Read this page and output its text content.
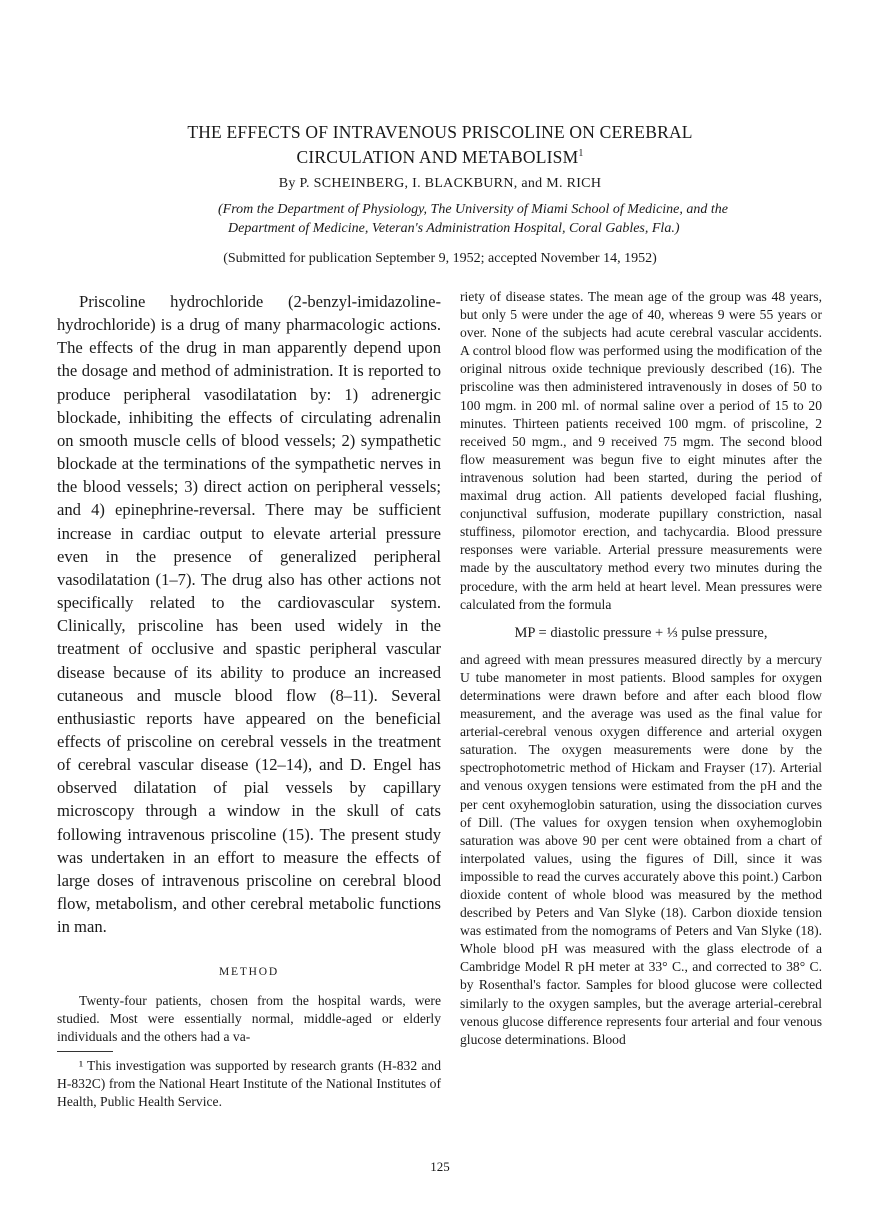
THE EFFECTS OF INTRAVENOUS PRISCOLINE ON CEREBRAL
CIRCULATION AND METABOLISM$^1$
By P. SCHEINBERG, I. BLACKBURN, and M. RICH
(From the Department of Physiology, The University of Miami School of Medicine, and the
Department of Medicine, Veteran's Administration Hospital, Coral Gables, Fla.)
(Submitted for publication September 9, 1952; accepted November 14, 1952)

Priscoline hydrochloride (2-benzyl-imidazoline-hydrochloride) is a drug of many pharmacologic actions. The effects of the drug in man apparently depend upon the dosage and method of administration. It is reported to produce peripheral vasodilatation by: 1) adrenergic blockade, inhibiting the effects of circulating adrenalin on smooth muscle cells of blood vessels; 2) sympathetic blockade at the terminations of the sympathetic nerves in the blood vessels; 3) direct action on peripheral vessels; and 4) epinephrine-reversal. There may be sufficient increase in cardiac output to elevate arterial pressure even in the presence of generalized peripheral vasodilatation (1–7). The drug also has other actions not specifically related to the cardiovascular system. Clinically, priscoline has been used widely in the treatment of occlusive and spastic peripheral vascular disease because of its ability to produce an increased cutaneous and muscle blood flow (8–11). Several enthusiastic reports have appeared on the beneficial effects of priscoline on cerebral vessels in the treatment of cerebral vascular disease (12–14), and D. Engel has observed dilatation of pial vessels by capillary microscopy through a window in the skull of cats following intravenous priscoline (15). The present study was undertaken in an effort to measure the effects of large doses of intravenous priscoline on cerebral blood flow, metabolism, and other cerebral metabolic functions in man.

METHOD
Twenty-four patients, chosen from the hospital wards, were studied. Most were essentially normal, middle-aged or elderly individuals and the others had a va-
¹ This investigation was supported by research grants (H-832 and H-832C) from the National Heart Institute of the National Institutes of Health, Public Health Service.

riety of disease states. The mean age of the group was 48 years, but only 5 were under the age of 40, whereas 9 were 55 years or over. None of the subjects had acute cerebral vascular accidents. A control blood flow was performed using the modification of the original nitrous oxide technique previously described (16). The priscoline was then administered intravenously in doses of 50 to 100 mgm. in 200 ml. of normal saline over a period of 15 to 20 minutes. Thirteen patients received 100 mgm. of priscoline, 2 received 50 mgm., and 9 received 75 mgm. The second blood flow measurement was begun five to eight minutes after the intravenous solution had been started, during the period of maximal drug action. All patients developed facial flushing, conjunctival suffusion, moderate pupillary constriction, nasal stuffiness, pilomotor erection, and tachycardia. Blood pressure responses were variable. Arterial pressure measurements were made by the auscultatory method every two minutes during the procedure, with the arm held at heart level. Mean pressures were calculated from the formula

MP = diastolic pressure + ⅓ pulse pressure,

and agreed with mean pressures measured directly by a mercury U tube manometer in most patients. Blood samples for oxygen determinations were drawn before and after each blood flow measurement, and the average was used as the final value for arterial-cerebral venous oxygen difference and arterial oxygen saturation. The oxygen measurements were done by the spectrophotometric method of Hickam and Frayser (17). Arterial and venous oxygen tensions were estimated from the pH and the per cent oxyhemoglobin saturation, using the dissociation curves of Dill. (The values for oxygen tension when oxyhemoglobin saturation was above 90 per cent were obtained from a chart of interpolated values, using the figures of Dill, since it was impossible to read the curves accurately above this point.) Carbon dioxide content of whole blood was measured by the method described by Peters and Van Slyke (18). Carbon dioxide tension was estimated from the nomograms of Peters and Van Slyke (18). Whole blood pH was measured with the glass electrode of a Cambridge Model R pH meter at 33° C., and corrected to 38° C. by Rosenthal's factor. Samples for blood glucose were collected similarly to the oxygen samples, but the average arterial-cerebral venous glucose difference represents four arterial and four venous glucose determinations. Blood

125
